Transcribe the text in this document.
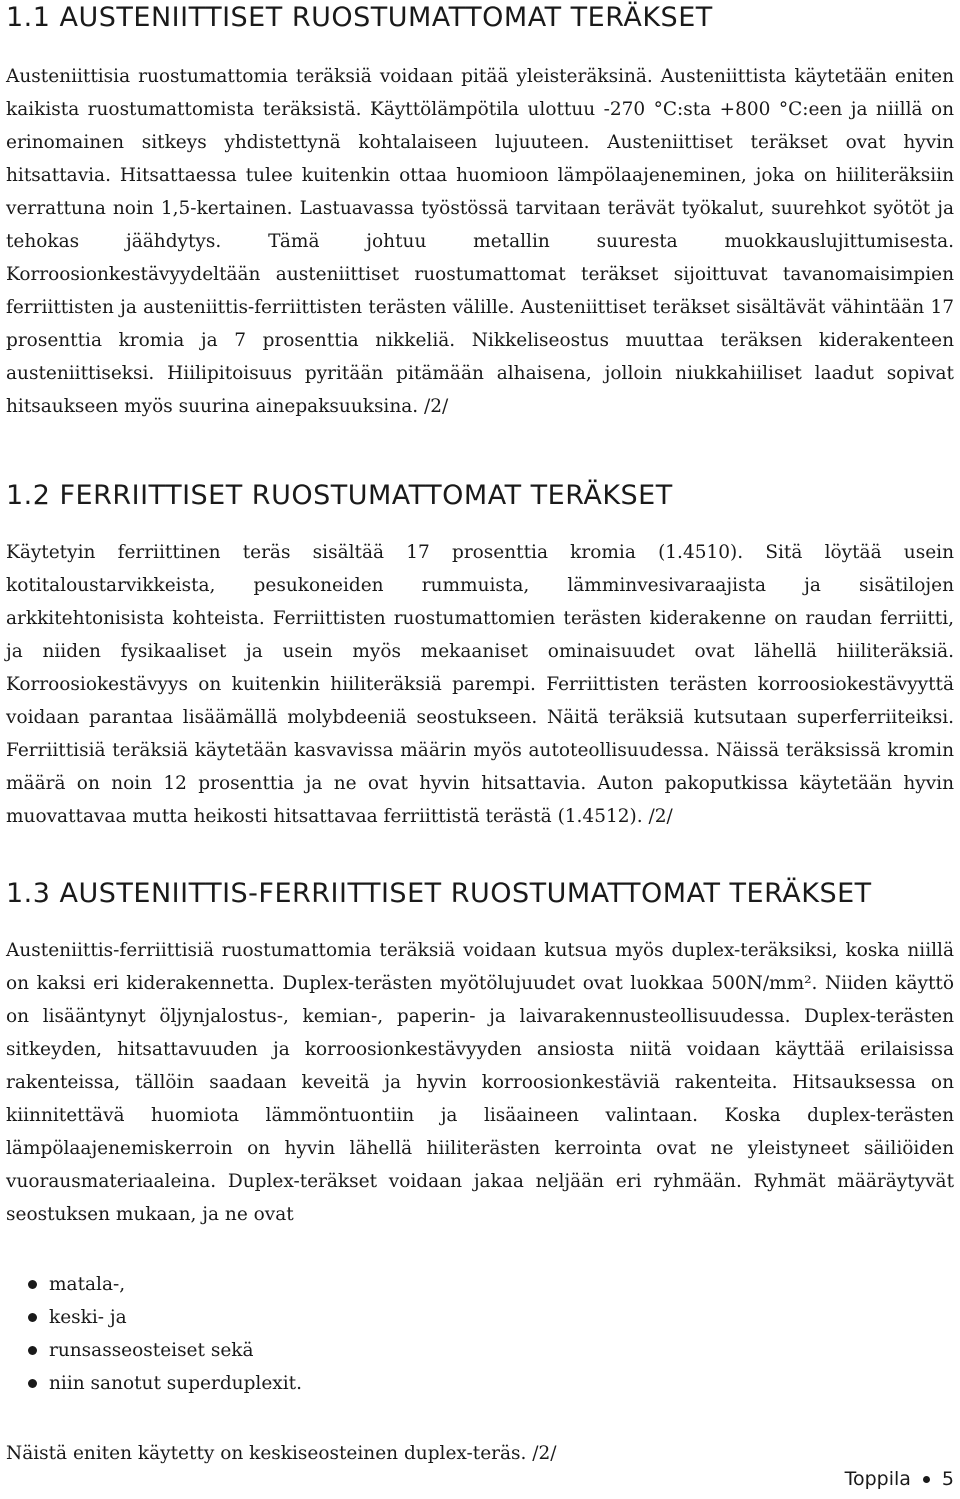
1.1 AUSTENIITTISET RUOSTUMATTOMAT TERÄKSET

Austeniittisia ruostumattomia teräksiä voidaan pitää yleisteräksinä. Austeniittista käytetään eniten kaikista ruostumattomista teräksistä. Käyttölämpötila ulottuu -270 °C:sta +800 °C:een ja niillä on erinomainen sitkeys yhdistettynä kohtalaiseen lujuuteen. Austeniittiset teräkset ovat hyvin hitsattavia. Hitsattaessa tulee kuitenkin ottaa huomioon lämpölaajeneminen, joka on hiiliteräksiin verrattuna noin 1,5-kertainen. Lastuavassa työstössä tarvitaan terävät työkalut, suurehkot syötöt ja tehokas jäähdytys. Tämä johtuu metallin suuresta muokkauslujittumisesta. Korroosionkestävyydeltään austeniittiset ruostumattomat teräkset sijoittuvat tavanomaisimpien ferriittisten ja austeniittis-ferriittisten terästen välille. Austeniittiset teräkset sisältävät vähintään 17 prosenttia kromia ja 7 prosenttia nikkeliä. Nikkeliseostus muuttaa teräksen kiderakenteen austeniittiseksi. Hiilipitoisuus pyritään pitämään alhaisena, jolloin niukkahiiliset laadut sopivat hitsaukseen myös suurina ainepaksuuksina. /2/

1.2 FERRIITTISET RUOSTUMATTOMAT TERÄKSET

Käytetyin ferriittinen teräs sisältää 17 prosenttia kromia (1.4510). Sitä löytää usein kotitaloustarvikkeista, pesukoneiden rummuista, lämminvesivaraajista ja sisätilojen arkkitehtonisista kohteista. Ferriittisten ruostumattomien terästen kiderakenne on raudan ferriitti, ja niiden fysikaaliset ja usein myös mekaaniset ominaisuudet ovat lähellä hiiliteräksiä. Korroosiokestävyys on kuitenkin hiiliteräksiä parempi. Ferriittisten terästen korroosiokestävyyttä voidaan parantaa lisäämällä molybdeeniä seostukseen. Näitä teräksiä kutsutaan superferriiteiksi. Ferriittisiä teräksiä käytetään kasvavissa määrin myös autoteollisuudessa. Näissä teräksissä kromin määrä on noin 12 prosenttia ja ne ovat hyvin hitsattavia. Auton pakoputkissa käytetään hyvin muovattavaa mutta heikosti hitsattavaa ferriittistä terästä (1.4512). /2/

1.3 AUSTENIITTIS-FERRIITTISET RUOSTUMATTOMAT TERÄKSET

Austeniittis-ferriittisiä ruostumattomia teräksiä voidaan kutsua myös duplex-teräksiksi, koska niillä on kaksi eri kiderakennetta. Duplex-terästen myötölujuudet ovat luokkaa 500N/mm². Niiden käyttö on lisääntynyt öljynjalostus-, kemian-, paperin- ja laivarakennusteollisuudessa. Duplex-terästen sitkeyden, hitsattavuuden ja korroosionkestävyyden ansiosta niitä voidaan käyttää erilaisissa rakenteissa, tällöin saadaan keveitä ja hyvin korroosionkestäviä rakenteita. Hitsauksessa on kiinnitettävä huomiota lämmöntuontiin ja lisäaineen valintaan. Koska duplex-terästen lämpölaajenemiskerroin on hyvin lähellä hiiliterästen kerrointa ovat ne yleistyneet säiliöiden vuorausmateriaaleina. Duplex-teräkset voidaan jakaa neljään eri ryhmään. Ryhmät määräytyvät seostuksen mukaan, ja ne ovat

matala-,
keski- ja
runsasseosteiset sekä
niin sanotut superduplexit.

Näistä eniten käytetty on keskiseosteinen duplex-teräs. /2/

Toppila 5
